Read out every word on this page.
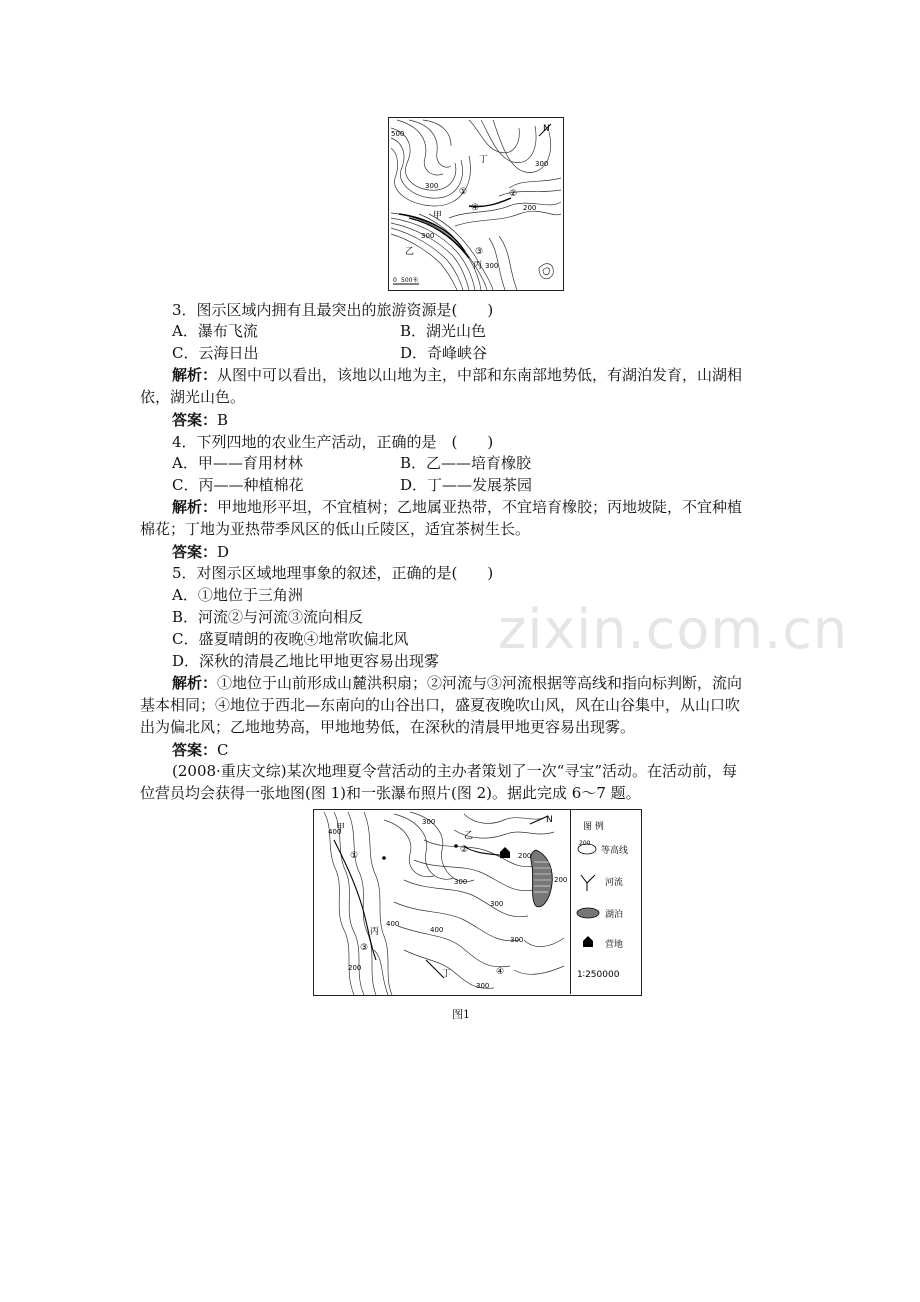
500
300
300
300
200
300
甲
乙
丙
丁
①	②
③
④
N
0 500米
3．图示区域内拥有且最突出的旅游资源是(　　)
A．瀑布飞流	B．湖光山色
C．云海日出	D．奇峰峡谷
解析：从图中可以看出，该地以山地为主，中部和东南部地势低，有湖泊发育，山湖相
依，湖光山色。
答案：B
4．下列四地的农业生产活动，正确的是　(　　)
A．甲——育用材林	B．乙——培育橡胶
C．丙——种植棉花	D．丁——发展茶园
解析：甲地地形平坦，不宜植树；乙地属亚热带，不宜培育橡胶；丙地坡陡，不宜种植
棉花；丁地为亚热带季风区的低山丘陵区，适宜茶树生长。
答案：D
5．对图示区域地理事象的叙述，正确的是(　　)
A．①地位于三角洲
B．河流②与河流③流向相反
C．盛夏晴朗的夜晚④地常吹偏北风
D．深秋的清晨乙地比甲地更容易出现雾
解析：①地位于山前形成山麓洪积扇；②河流与③河流根据等高线和指向标判断，流向
基本相同；④地位于西北—东南向的山谷出口，盛夏夜晚吹山风，风在山谷集中，从山口吹
出为偏北风；乙地地势高，甲地地势低，在深秋的清晨甲地更容易出现雾。
答案：C
(2008·重庆文综)某次地理夏令营活动的主办者策划了一次“寻宝”活动。在活动前，每
位营员均会获得一张地图(图 1)和一张瀑布照片(图 2)。据此完成 6～7 题。
400
300
200
300
300
300
400
400
200
300
200
甲
乙
丙
丁
①
②
③
④
N
图 例
200
等高线
河流
湖泊
营地
1∶250000
图1
zixin.com.cn
